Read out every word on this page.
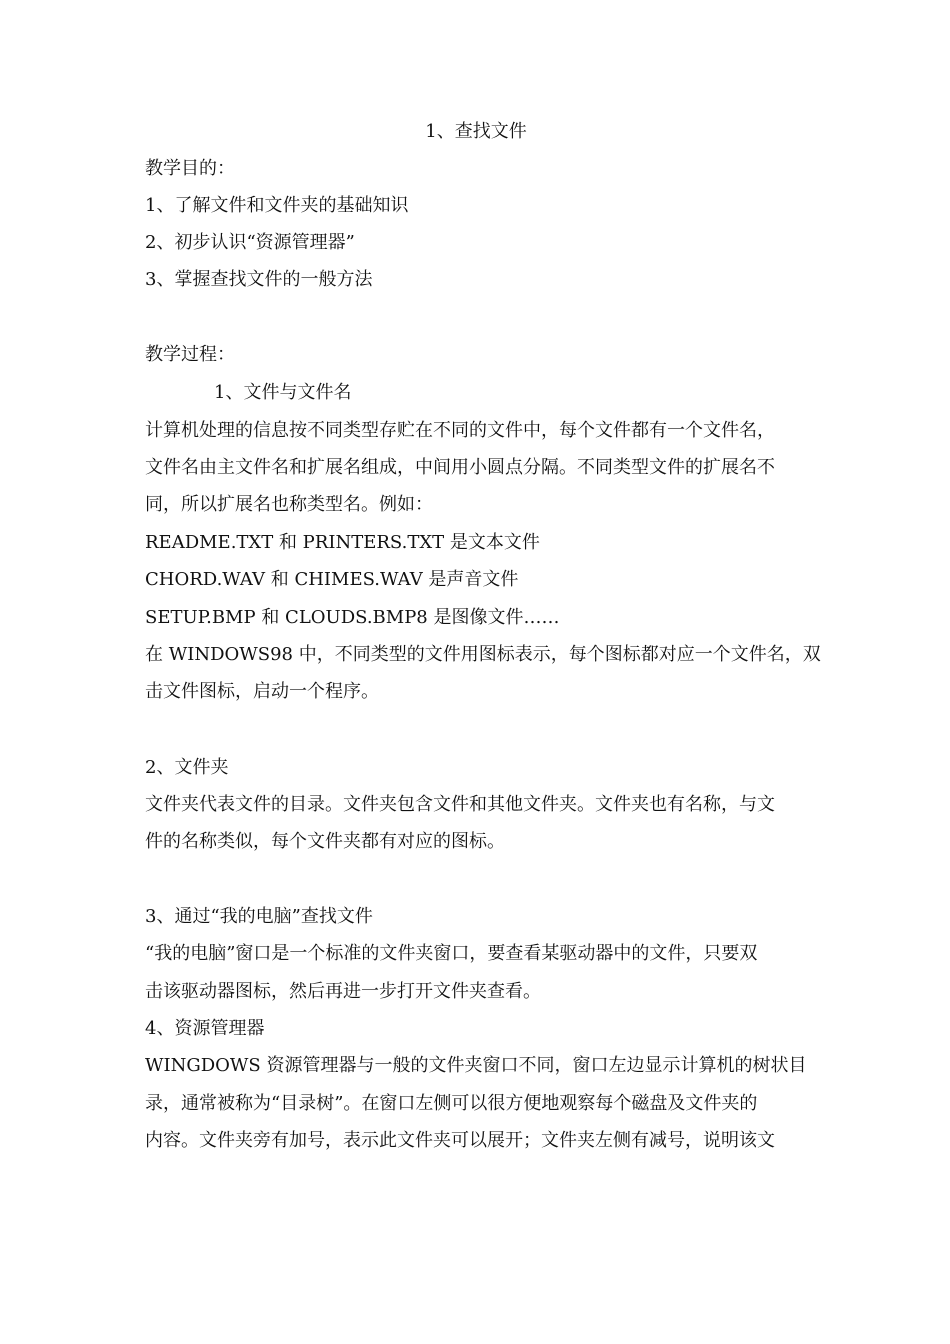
1、查找文件
教学目的：
1、了解文件和文件夹的基础知识
2、初步认识“资源管理器”
3、掌握查找文件的一般方法
教学过程：
1、文件与文件名
计算机处理的信息按不同类型存贮在不同的文件中，每个文件都有一个文件名，
文件名由主文件名和扩展名组成，中间用小圆点分隔。不同类型文件的扩展名不
同，所以扩展名也称类型名。例如：
README.TXT 和 PRINTERS.TXT 是文本文件
CHORD.WAV 和 CHIMES.WAV 是声音文件
SETUP.BMP 和 CLOUDS.BMP8 是图像文件……
在 WINDOWS98 中，不同类型的文件用图标表示，每个图标都对应一个文件名，双
击文件图标，启动一个程序。
2、文件夹
文件夹代表文件的目录。文件夹包含文件和其他文件夹。文件夹也有名称，与文
件的名称类似，每个文件夹都有对应的图标。
3、通过“我的电脑”查找文件
“我的电脑”窗口是一个标准的文件夹窗口，要查看某驱动器中的文件，只要双
击该驱动器图标，然后再进一步打开文件夹查看。
4、资源管理器
WINGDOWS 资源管理器与一般的文件夹窗口不同，窗口左边显示计算机的树状目
录，通常被称为“目录树”。在窗口左侧可以很方便地观察每个磁盘及文件夹的
内容。文件夹旁有加号，表示此文件夹可以展开；文件夹左侧有减号，说明该文
